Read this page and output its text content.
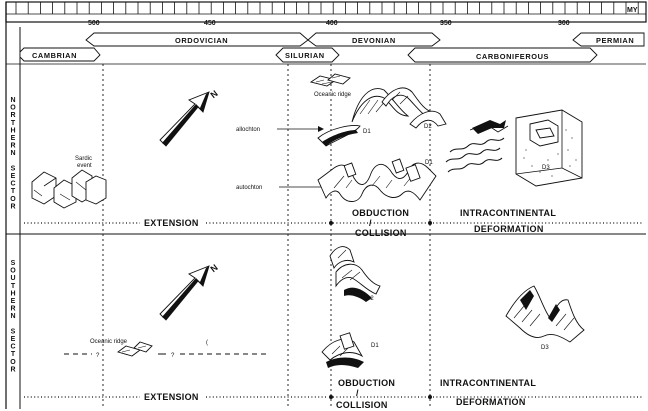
500	450	400	350	300
MY
ORDOVICIAN	DEVONIAN	PERMIAN
CAMBRIAN	SILURIAN	CARBONIFEROUS
N
O
R
T
H
E
R
N
S
E
C
T
O
R
S
O
U
T
H
E
R
N
S
E
C
T
O
R
Sardic
event
N	Oceanic ridge
allochton
autochton
D1
D2
D1
D3
EXTENSION
OBDUCTION
/
COLLISION
INTRACONTINENTAL
DEFORMATION
N
Oceanic ridge
?	?
(
D2
D1	D3
EXTENSION
OBDUCTION
/
COLLISION
INTRACONTINENTAL
DEFORMATION
